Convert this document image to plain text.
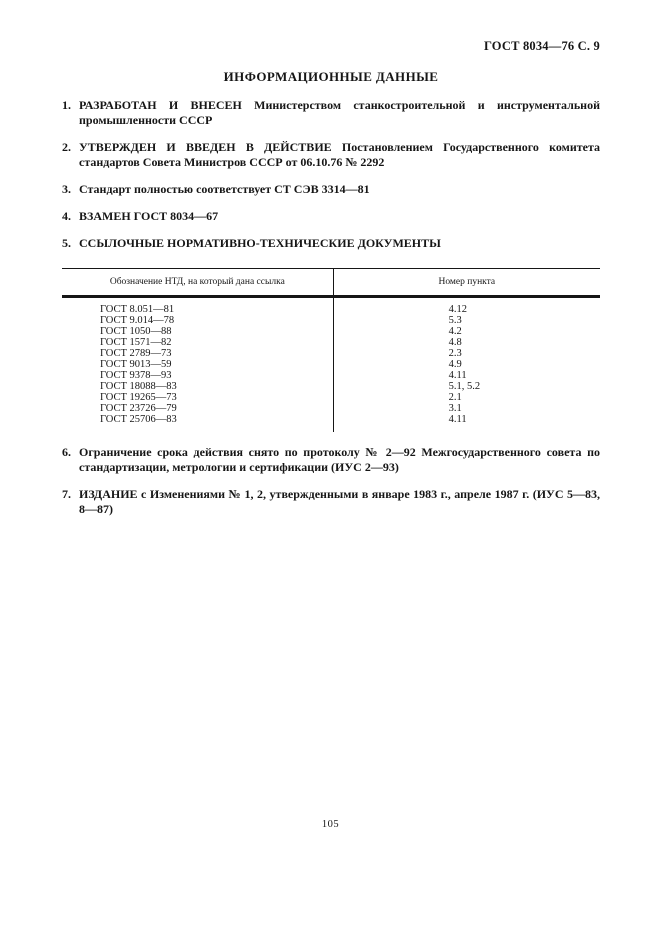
ГОСТ 8034—76 С. 9
ИНФОРМАЦИОННЫЕ ДАННЫЕ
1. РАЗРАБОТАН И ВНЕСЕН Министерством станкостроительной и инструментальной промышленности СССР
2. УТВЕРЖДЕН И ВВЕДЕН В ДЕЙСТВИЕ Постановлением Государственного комитета стандартов Совета Министров СССР от 06.10.76 № 2292
3. Стандарт полностью соответствует СТ СЭВ 3314—81
4. ВЗАМЕН ГОСТ 8034—67
5. ССЫЛОЧНЫЕ НОРМАТИВНО-ТЕХНИЧЕСКИЕ ДОКУМЕНТЫ
Обозначение НТД, на который дана ссылка	Номер пункта
ГОСТ 8.051—81	4.12
ГОСТ 9.014—78	5.3
ГОСТ 1050—88	4.2
ГОСТ 1571—82	4.8
ГОСТ 2789—73	2.3
ГОСТ 9013—59	4.9
ГОСТ 9378—93	4.11
ГОСТ 18088—83	5.1, 5.2
ГОСТ 19265—73	2.1
ГОСТ 23726—79	3.1
ГОСТ 25706—83	4.11
6. Ограничение срока действия снято по протоколу № 2—92 Межгосударственного совета по стандартизации, метрологии и сертификации (ИУС 2—93)
7. ИЗДАНИЕ с Изменениями № 1, 2, утвержденными в январе 1983 г., апреле 1987 г. (ИУС 5—83, 8—87)
105
